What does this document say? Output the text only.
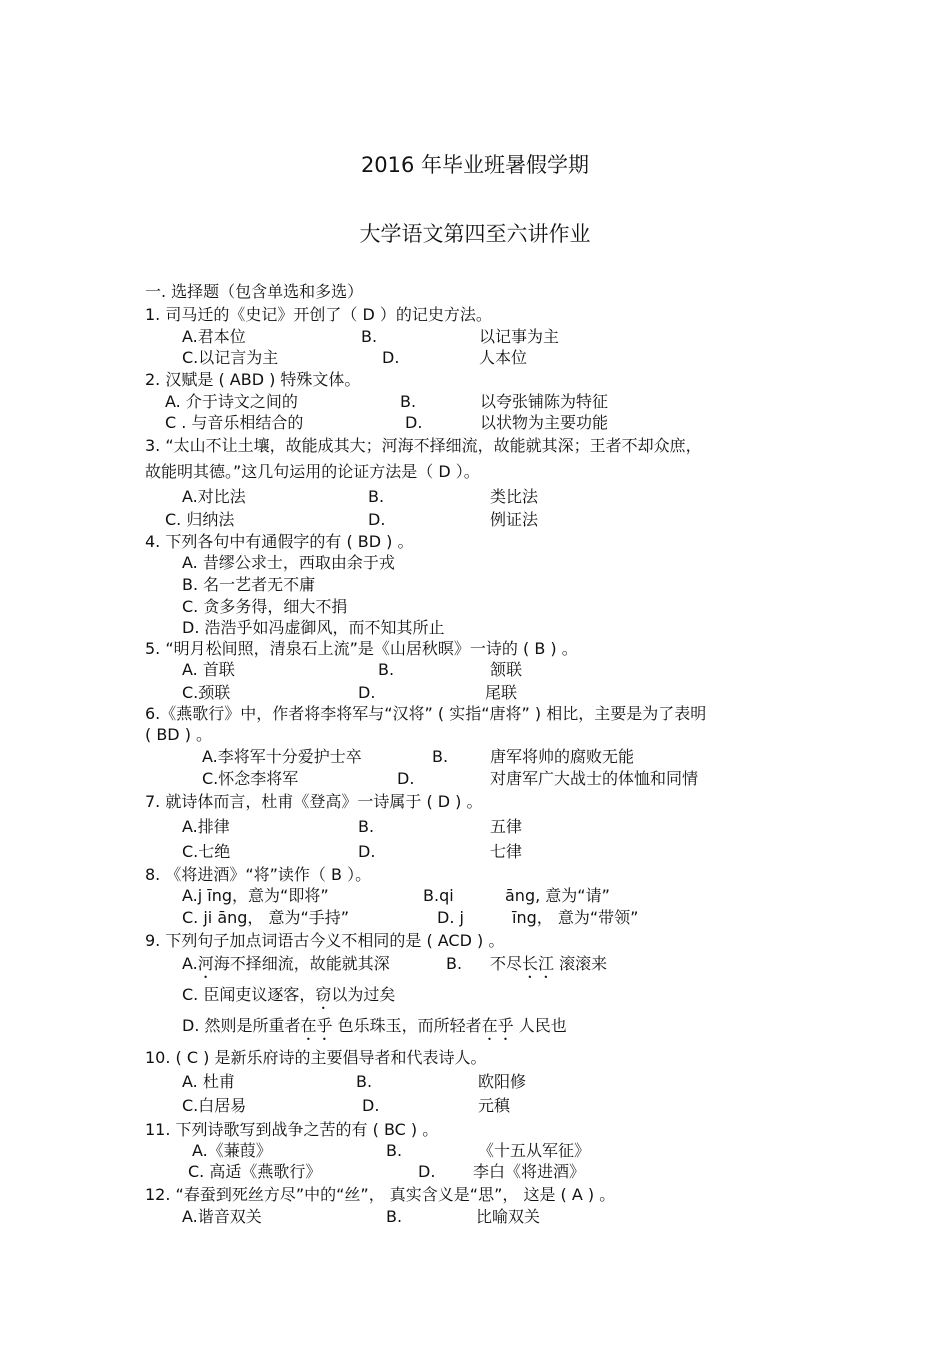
2016 年毕业班暑假学期
大学语文第四至六讲作业
一. 选择题（包含单选和多选）
1. 司马迁的《史记》开创了（ D ）的记史方法。
A.君本位	B.	以记事为主
C.以记言为主	D.	人本位
2. 汉赋是 ( ABD ) 特殊文体。
A. 介于诗文之间的	B.	以夸张铺陈为特征
C . 与音乐相结合的	D.	以状物为主要功能
3. “太山不让土壤，故能成其大；河海不择细流，故能就其深；王者不却众庶，
故能明其德。”这几句运用的论证方法是（ D ）。
A.对比法	B.	类比法
C. 归纳法	D.	例证法
4. 下列各句中有通假字的有 ( BD ) 。
A. 昔缪公求士，西取由余于戎
B. 名一艺者无不庸
C. 贪多务得，细大不捐
D. 浩浩乎如冯虚御风，而不知其所止
5. “明月松间照，清泉石上流”是《山居秋暝》一诗的 ( B ) 。
A. 首联	B.	颔联
C.颈联	D.	尾联
6.《燕歌行》中，作者将李将军与“汉将” ( 实指“唐将” ) 相比，主要是为了表明
( BD ) 。
A.李将军十分爱护士卒	B.	唐军将帅的腐败无能
C.怀念李将军	D.	对唐军广大战士的体恤和同情
7. 就诗体而言，杜甫《登高》一诗属于 ( D ) 。
A.排律	B.	五律
C.七绝	D.	七律
8. 《将进酒》“将”读作（ B ）。
A.j īng，意为“即将”	B.qi	āng, 意为“请”
C. ji āng， 意为“手持”	D. j	īng， 意为“带领”
9. 下列句子加点词语古今义不相同的是 ( ACD ) 。
A.河海不择细流，故能就其深	B. 不尽长江 滚滚来
C. 臣闻吏议逐客，窃以为过矣
D. 然则是所重者在乎 色乐珠玉，而所轻者在乎 人民也
10. ( C ) 是新乐府诗的主要倡导者和代表诗人。
A. 杜甫	B.	欧阳修
C.白居易	D.	元稹
11. 下列诗歌写到战争之苦的有 ( BC ) 。
A.《蒹葭》	B.	《十五从军征》
C. 高适《燕歌行》	D. 李白《将进酒》
12. “春蚕到死丝方尽”中的“丝”， 真实含义是“思”， 这是 ( A ) 。
A.谐音双关	B.	比喻双关
